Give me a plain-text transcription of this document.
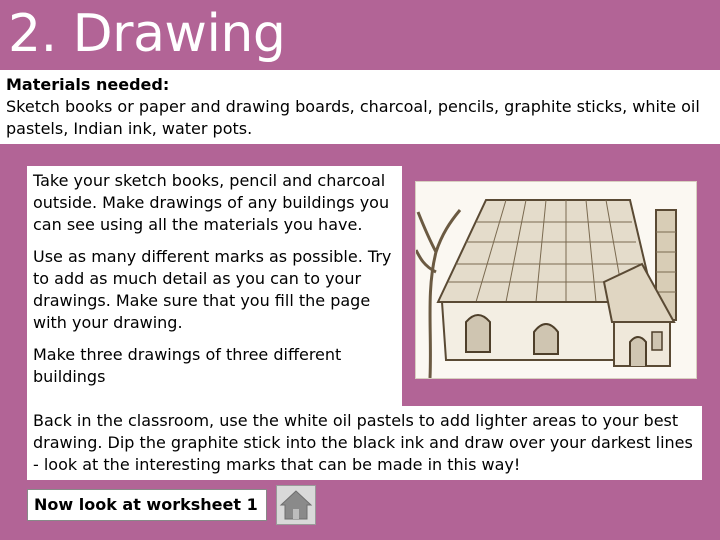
2. Drawing
Materials needed:
Sketch books or paper and drawing boards, charcoal, pencils, graphite sticks, white oil pastels, Indian ink, water pots.

Take your sketch books, pencil and charcoal outside. Make drawings of any buildings you can see using all the materials you have.

Use as many different marks as possible. Try to add as much detail as you can to your drawings. Make sure that you fill the page with your drawing.

Make three drawings of three different buildings

Back in the classroom, use the white oil pastels to add lighter areas to your best drawing. Dip the graphite stick into the black ink and draw over your darkest lines - look at the interesting marks that can be made in this way!
Now look at worksheet 1
